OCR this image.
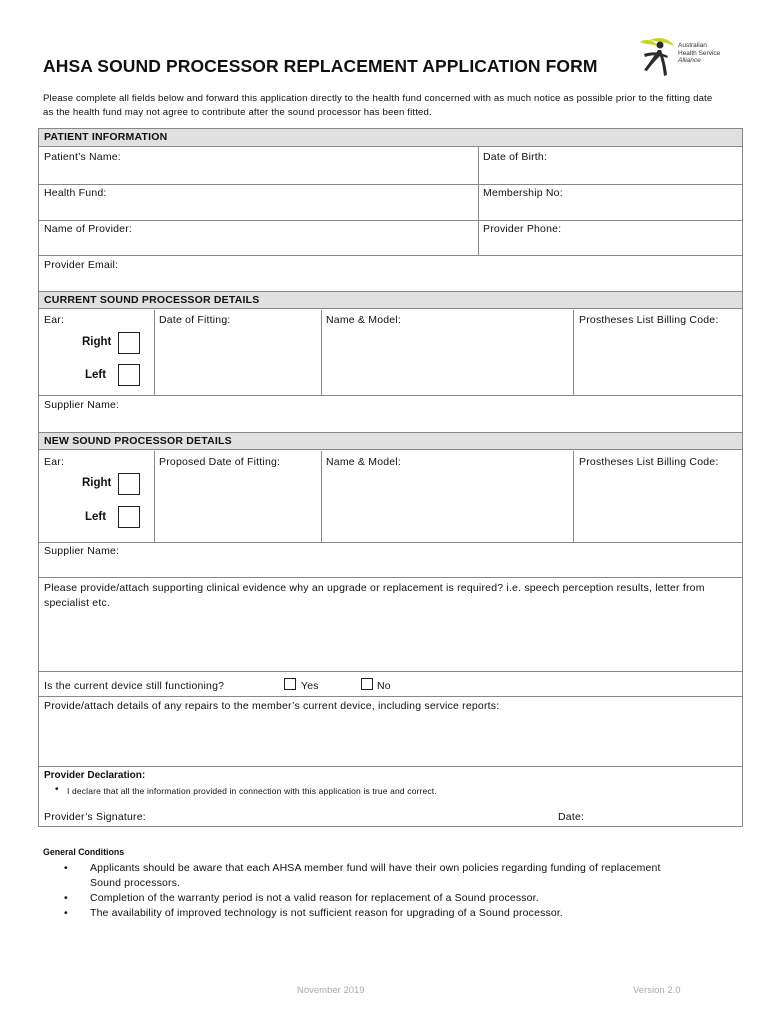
AHSA SOUND PROCESSOR REPLACEMENT APPLICATION FORM
Australian
Health Service
Alliance
Please complete all fields below and forward this application directly to the health fund concerned with as much notice as possible prior to the fitting date as the health fund may not agree to contribute after the sound processor has been fitted.
PATIENT INFORMATION
Patient’s Name:	Date of Birth:
Health Fund:	Membership No:
Name of Provider:	Provider Phone:
Provider Email:
CURRENT SOUND PROCESSOR DETAILS
Ear:	Date of Fitting:	Name & Model:	Prostheses List Billing Code:
Right
Left
Supplier Name:
NEW SOUND PROCESSOR DETAILS
Ear:	Proposed Date of Fitting:	Name & Model:	Prostheses List Billing Code:
Right
Left
Supplier Name:
Please provide/attach supporting clinical evidence why an upgrade or replacement is required? i.e. speech perception results, letter from specialist etc.
Is the current device still functioning?	Yes	No
Provide/attach details of any repairs to the member’s current device, including service reports:
Provider Declaration:
• I declare that all the information provided in connection with this application is true and correct.
Provider’s Signature:	Date:
General Conditions
• Applicants should be aware that each AHSA member fund will have their own policies regarding funding of replacement Sound processors.
• Completion of the warranty period is not a valid reason for replacement of a Sound processor.
• The availability of improved technology is not sufficient reason for upgrading of a Sound processor.
November 2019	Version 2.0
